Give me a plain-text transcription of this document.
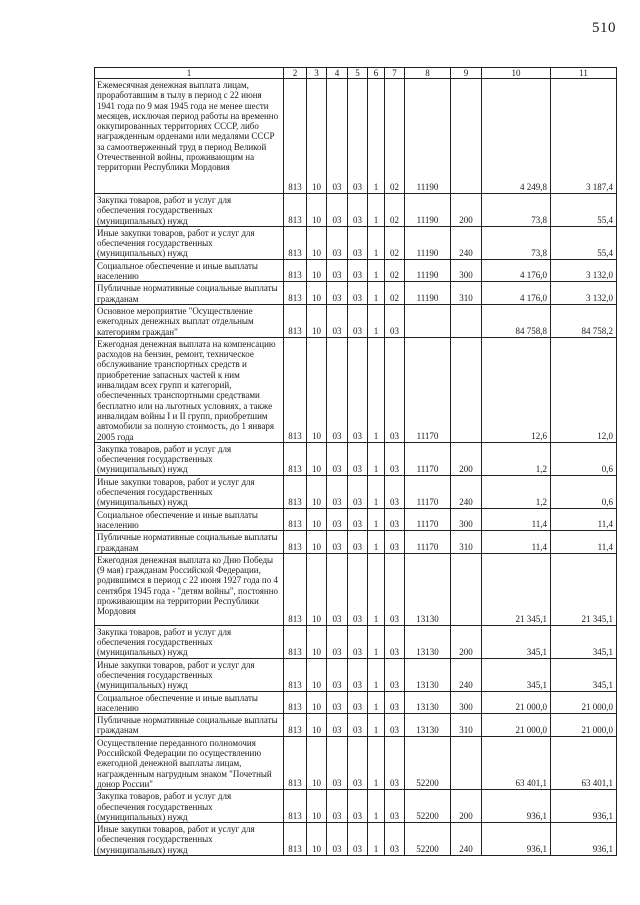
510
1	2	3	4	5	6	7	8	9	10	11
Ежемесячная денежная выплата лицам, проработавшим в тылу в период с 22 июня 1941 года по 9 мая 1945 года не менее шести месяцев, исключая период работы на временно оккупированных территориях СССР, либо награжденным орденами или медалями СССР за самоотверженный труд в период Великой Отечественной войны, проживающим на территории Республики Мордовия	813	10	03	03	1	02	11190		4 249,8	3 187,4
Закупка товаров, работ и услуг для обеспечения государственных (муниципальных) нужд	813	10	03	03	1	02	11190	200	73,8	55,4
Иные закупки товаров, работ и услуг для обеспечения государственных (муниципальных) нужд	813	10	03	03	1	02	11190	240	73,8	55,4
Социальное обеспечение и иные выплаты населению	813	10	03	03	1	02	11190	300	4 176,0	3 132,0
Публичные нормативные социальные выплаты гражданам	813	10	03	03	1	02	11190	310	4 176,0	3 132,0
Основное мероприятие "Осуществление ежегодных денежных выплат отдельным категориям граждан"	813	10	03	03	1	03			84 758,8	84 758,2
Ежегодная денежная выплата на компенсацию расходов на бензин, ремонт, техническое обслуживание транспортных средств и приобретение запасных частей к ним инвалидам всех групп и категорий, обеспеченных транспортными средствами бесплатно или на льготных условиях, а также инвалидам войны I и II групп, приобретшим автомобили за полную стоимость, до 1 января 2005 года	813	10	03	03	1	03	11170		12,6	12,0
Закупка товаров, работ и услуг для обеспечения государственных (муниципальных) нужд	813	10	03	03	1	03	11170	200	1,2	0,6
Иные закупки товаров, работ и услуг для обеспечения государственных (муниципальных) нужд	813	10	03	03	1	03	11170	240	1,2	0,6
Социальное обеспечение и иные выплаты населению	813	10	03	03	1	03	11170	300	11,4	11,4
Публичные нормативные социальные выплаты гражданам	813	10	03	03	1	03	11170	310	11,4	11,4
Ежегодная денежная выплата ко Дню Победы (9 мая) гражданам Российской Федерации, родившимся в период с 22 июня 1927 года по 4 сентября 1945 года - "детям войны", постоянно проживающим на территории Республики Мордовия	813	10	03	03	1	03	13130		21 345,1	21 345,1
Закупка товаров, работ и услуг для обеспечения государственных (муниципальных) нужд	813	10	03	03	1	03	13130	200	345,1	345,1
Иные закупки товаров, работ и услуг для обеспечения государственных (муниципальных) нужд	813	10	03	03	1	03	13130	240	345,1	345,1
Социальное обеспечение и иные выплаты населению	813	10	03	03	1	03	13130	300	21 000,0	21 000,0
Публичные нормативные социальные выплаты гражданам	813	10	03	03	1	03	13130	310	21 000,0	21 000,0
Осуществление переданного полномочия Российской Федерации по осуществлению ежегодной денежной выплаты лицам, награжденным нагрудным знаком "Почетный донор России"	813	10	03	03	1	03	52200		63 401,1	63 401,1
Закупка товаров, работ и услуг для обеспечения государственных (муниципальных) нужд	813	10	03	03	1	03	52200	200	936,1	936,1
Иные закупки товаров, работ и услуг для обеспечения государственных (муниципальных) нужд	813	10	03	03	1	03	52200	240	936,1	936,1
